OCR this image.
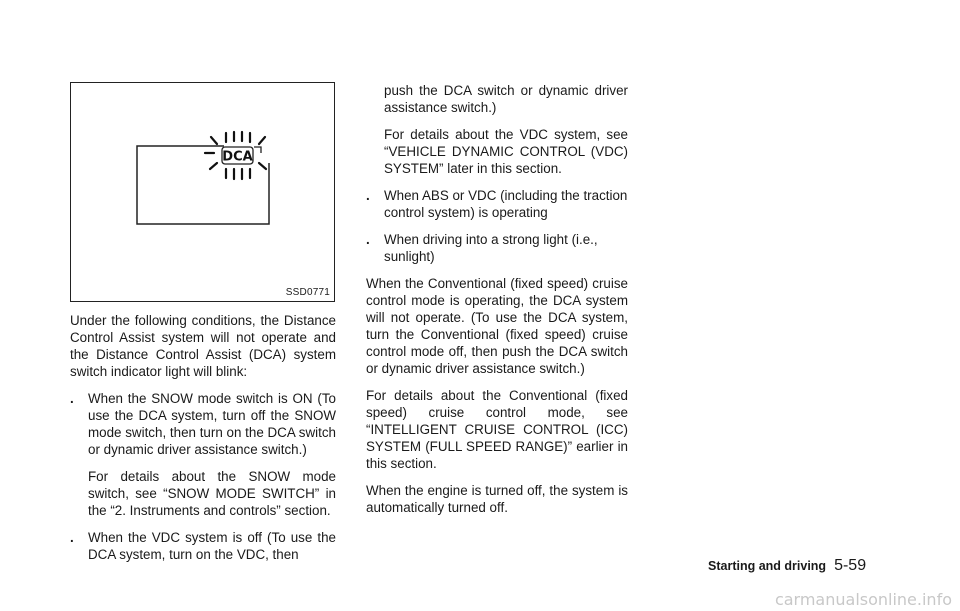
DCA
SSD0771

Under the following conditions, the Distance Control Assist system will not operate and the Distance Control Assist (DCA) system switch indicator light will blink:

. When the SNOW mode switch is ON (To use the DCA system, turn off the SNOW mode switch, then turn on the DCA switch or dynamic driver assistance switch.)
For details about the SNOW mode switch, see “SNOW MODE SWITCH” in the “2. Instruments and controls” section.
. When the VDC system is off (To use the DCA system, turn on the VDC, then
push the DCA switch or dynamic driver assistance switch.)
For details about the VDC system, see “VEHICLE DYNAMIC CONTROL (VDC) SYSTEM” later in this section.
. When ABS or VDC (including the traction control system) is operating
. When driving into a strong light (i.e., sunlight)

When the Conventional (fixed speed) cruise control mode is operating, the DCA system will not operate. (To use the DCA system, turn the Conventional (fixed speed) cruise control mode off, then push the DCA switch or dynamic driver assistance switch.)

For details about the Conventional (fixed speed) cruise control mode, see “INTELLIGENT CRUISE CONTROL (ICC) SYSTEM (FULL SPEED RANGE)” earlier in this section.

When the engine is turned off, the system is automatically turned off.

Starting and driving 5-59
carmanualsonline.info
